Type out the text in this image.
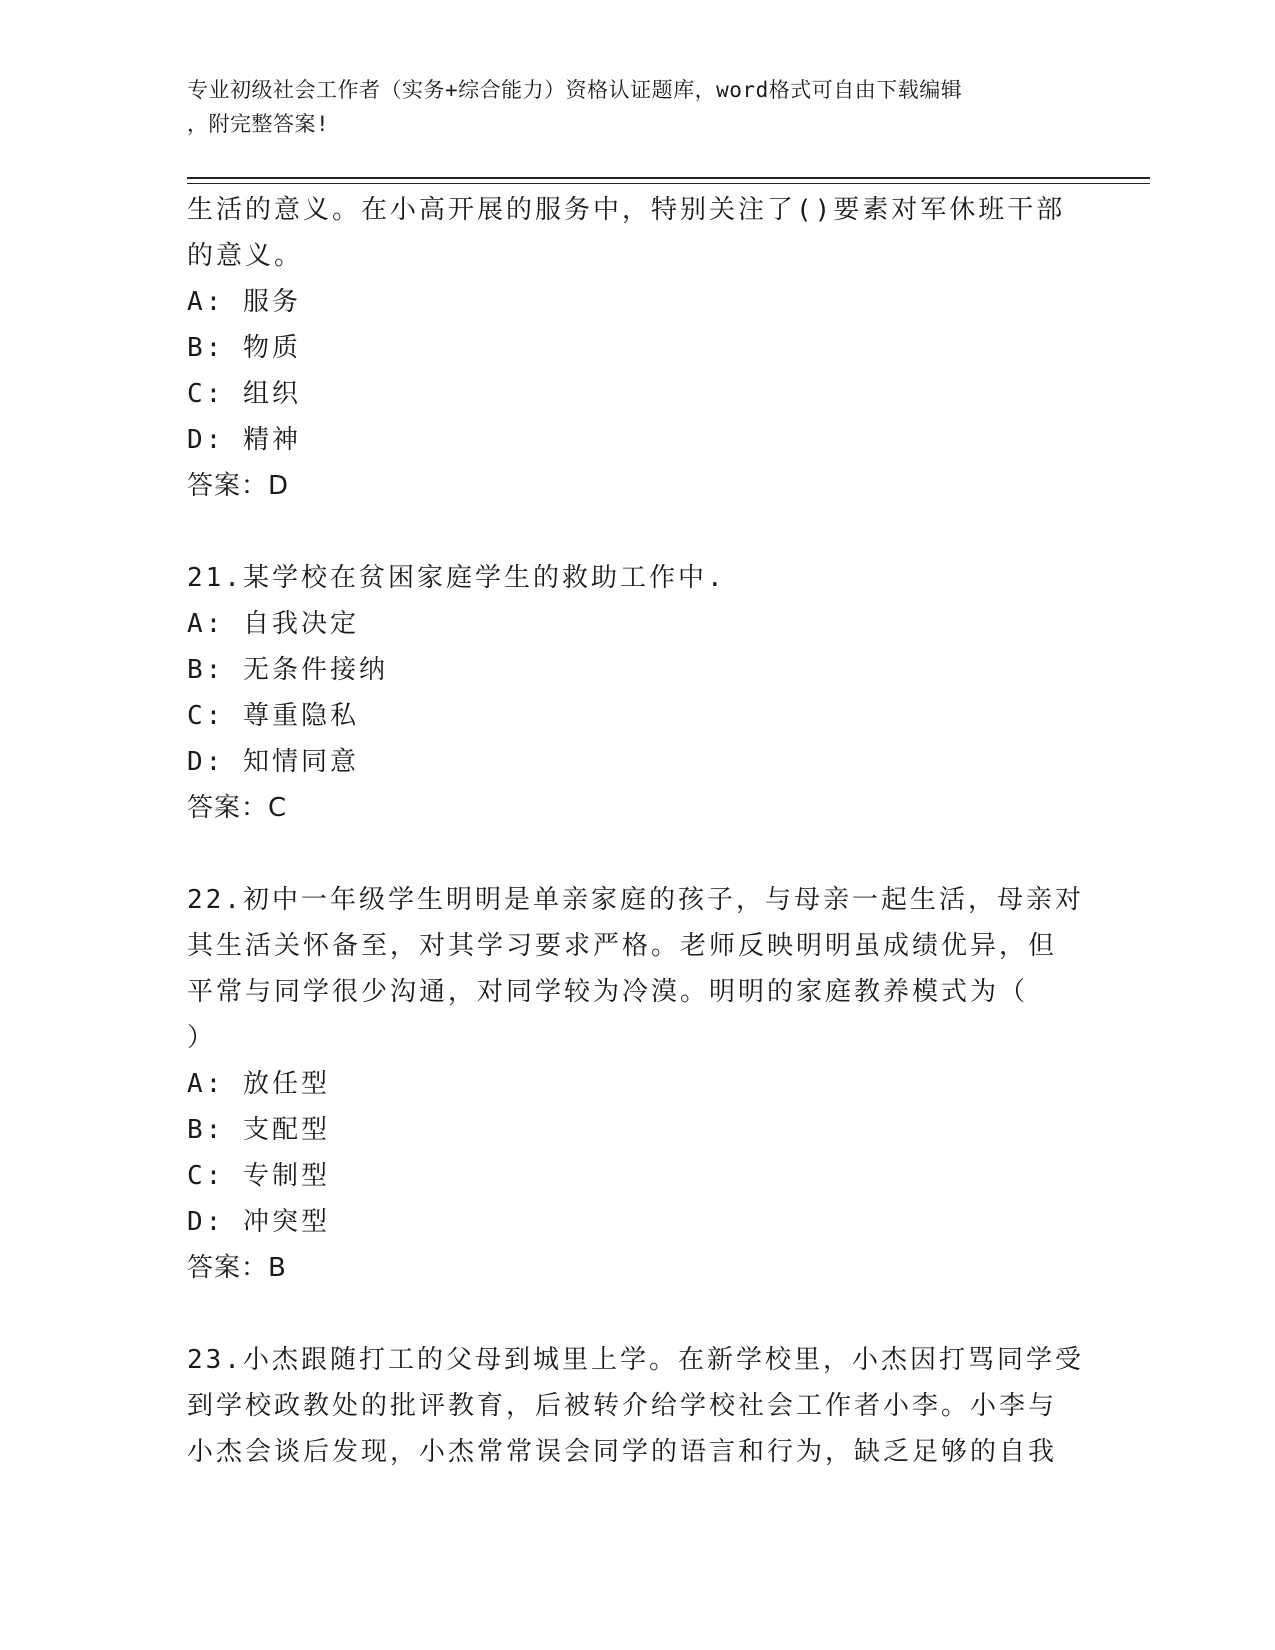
专业初级社会工作者（实务+综合能力）资格认证题库，word格式可自由下载编辑
，附完整答案!
生活的意义。在小高开展的服务中，特别关注了()要素对军休班干部
的意义。
A: 服务
B: 物质
C: 组织
D: 精神
答案：D
21.某学校在贫困家庭学生的救助工作中.
A: 自我决定
B: 无条件接纳
C: 尊重隐私
D: 知情同意
答案：C
22.初中一年级学生明明是单亲家庭的孩子，与母亲一起生活，母亲对
其生活关怀备至，对其学习要求严格。老师反映明明虽成绩优异，但
平常与同学很少沟通，对同学较为冷漠。明明的家庭教养模式为（
）
A: 放任型
B: 支配型
C: 专制型
D: 冲突型
答案：B
23.小杰跟随打工的父母到城里上学。在新学校里，小杰因打骂同学受
到学校政教处的批评教育，后被转介给学校社会工作者小李。小李与
小杰会谈后发现，小杰常常误会同学的语言和行为，缺乏足够的自我
